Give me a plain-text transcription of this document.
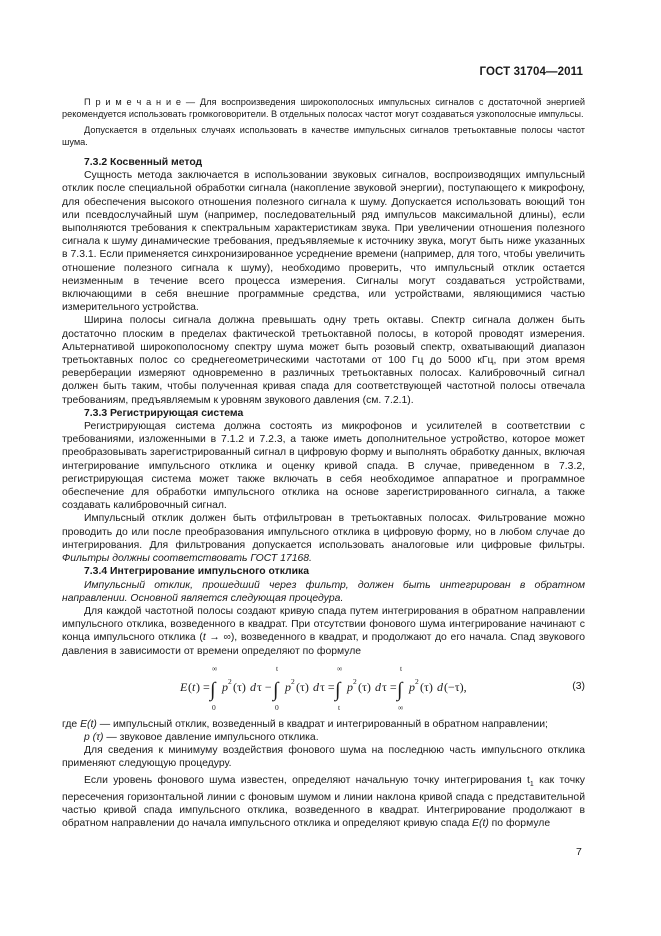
ГОСТ 31704—2011

П р и м е ч а н и е — Для воспроизведения широкополосных импульсных сигналов с достаточной энергией рекомендуется использовать громкоговорители. В отдельных полосах частот могут создаваться узкополосные импульсы.

Допускается в отдельных случаях использовать в качестве импульсных сигналов третьоктавные полосы частот шума.

7.3.2 Косвенный метод

Сущность метода заключается в использовании звуковых сигналов, воспроизводящих импульсный отклик после специальной обработки сигнала (накопление звуковой энергии), поступающего к микрофону, для обеспечения высокого отношения полезного сигнала к шуму. Допускается использовать воющий тон или псевдослучайный шум (например, последовательный ряд импульсов максимальной длины), если выполняются требования к спектральным характеристикам звука. При увеличении отношения полезного сигнала к шуму динамические требования, предъявляемые к источнику звука, могут быть ниже указанных в 7.3.1. Если применяется синхронизированное усреднение времени (например, для того, чтобы увеличить отношение полезного сигнала к шуму), необходимо проверить, что импульсный отклик остается неизменным в течение всего процесса измерения. Сигналы могут создаваться устройствами, включающими в себя внешние программные средства, или устройствами, являющимися частью измерительного устройства.

Ширина полосы сигнала должна превышать одну треть октавы. Спектр сигнала должен быть достаточно плоским в пределах фактической третьоктавной полосы, в которой проводят измерения. Альтернативой широкополосному спектру шума может быть розовый спектр, охватывающий диапазон третьоктавных полос со среднегеометрическими частотами от 100 Гц до 5000 кГц, при этом время реверберации измеряют одновременно в различных третьоктавных полосах. Калибровочный сигнал должен быть таким, чтобы полученная кривая спада для соответствующей частотной полосы отвечала требованиям, предъявляемым к уровням звукового давления (см. 7.2.1).

7.3.3 Регистрирующая система

Регистрирующая система должна состоять из микрофонов и усилителей в соответствии с требованиями, изложенными в 7.1.2 и 7.2.3, а также иметь дополнительное устройство, которое может преобразовывать зарегистрированный сигнал в цифровую форму и выполнять обработку данных, включая интегрирование импульсного отклика и оценку кривой спада. В случае, приведенном в 7.3.2, регистрирующая система может также включать в себя необходимое аппаратное и программное обеспечение для обработки импульсного отклика на основе зарегистрированного сигнала, а также создавать калибровочный сигнал.

Импульсный отклик должен быть отфильтрован в третьоктавных полосах. Фильтрование можно проводить до или после преобразования импульсного отклика в цифровую форму, но в любом случае до интегрирования. Для фильтрования допускается использовать аналоговые или цифровые фильтры. Фильтры должны соответствовать ГОСТ 17168.

7.3.4 Интегрирование импульсного отклика

Импульсный отклик, прошедший через фильтр, должен быть интегрирован в обратном направлении. Основной является следующая процедура.

Для каждой частотной полосы создают кривую спада путем интегрирования в обратном направлении импульсного отклика, возведенного в квадрат. При отсутствии фонового шума интегрирование начинают с конца импульсного отклика (t → ∞), возведенного в квадрат, и продолжают до его начала. Спад звукового давления в зависимости от времени определяют по формуле

E ( t ) =
∞
0
t
0
∞
t
t
∞
∫	∫	∫	∫
p 2 (τ) d τ − p 2 (τ) d τ = p 2 (τ) d τ = p 2 (τ) d (−τ),	(3)

где E(t) — импульсный отклик, возведенный в квадрат и интегрированный в обратном направлении;

p (τ) — звуковое давление импульсного отклика.

Для сведения к минимуму воздействия фонового шума на последнюю часть импульсного отклика применяют следующую процедуру.

Если уровень фонового шума известен, определяют начальную точку интегрирования $t_1$ как точку пересечения горизонтальной линии с фоновым шумом и линии наклона кривой спада с представительной частью кривой спада импульсного отклика, возведенного в квадрат. Интегрирование продолжают в обратном направлении до начала импульсного отклика и определяют кривую спада E(t) по формуле

7
